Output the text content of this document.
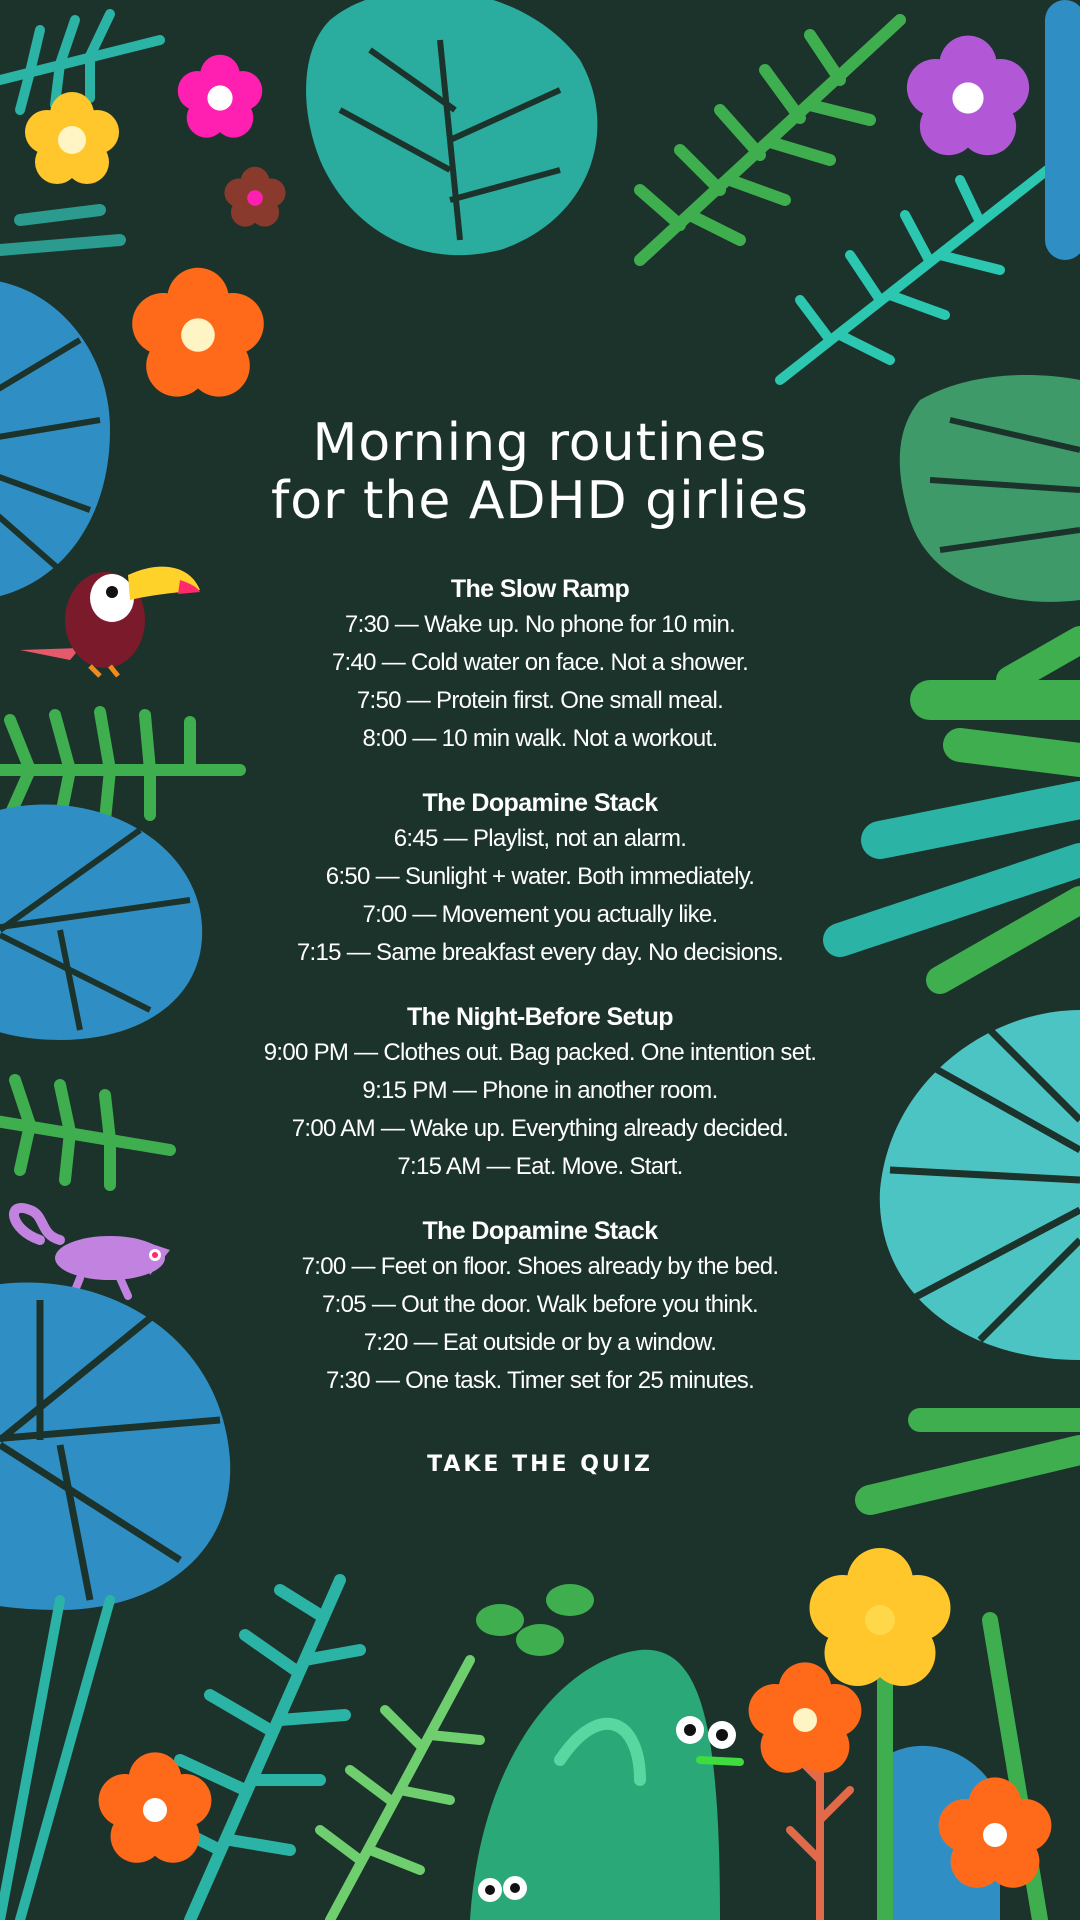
Morning routines
for the ADHD girlies
The Slow Ramp
7:30 — Wake up. No phone for 10 min.
7:40 — Cold water on face. Not a shower.
7:50 — Protein first. One small meal.
8:00 — 10 min walk. Not a workout.
The Dopamine Stack
6:45 — Playlist, not an alarm.
6:50 — Sunlight + water. Both immediately.
7:00 — Movement you actually like.
7:15 — Same breakfast every day. No decisions.
The Night-Before Setup
9:00 PM — Clothes out. Bag packed. One intention set.
9:15 PM — Phone in another room.
7:00 AM — Wake up. Everything already decided.
7:15 AM — Eat. Move. Start.
The Dopamine Stack
7:00 — Feet on floor. Shoes already by the bed.
7:05 — Out the door. Walk before you think.
7:20 — Eat outside or by a window.
7:30 — One task. Timer set for 25 minutes.
TAKE THE QUIZ
